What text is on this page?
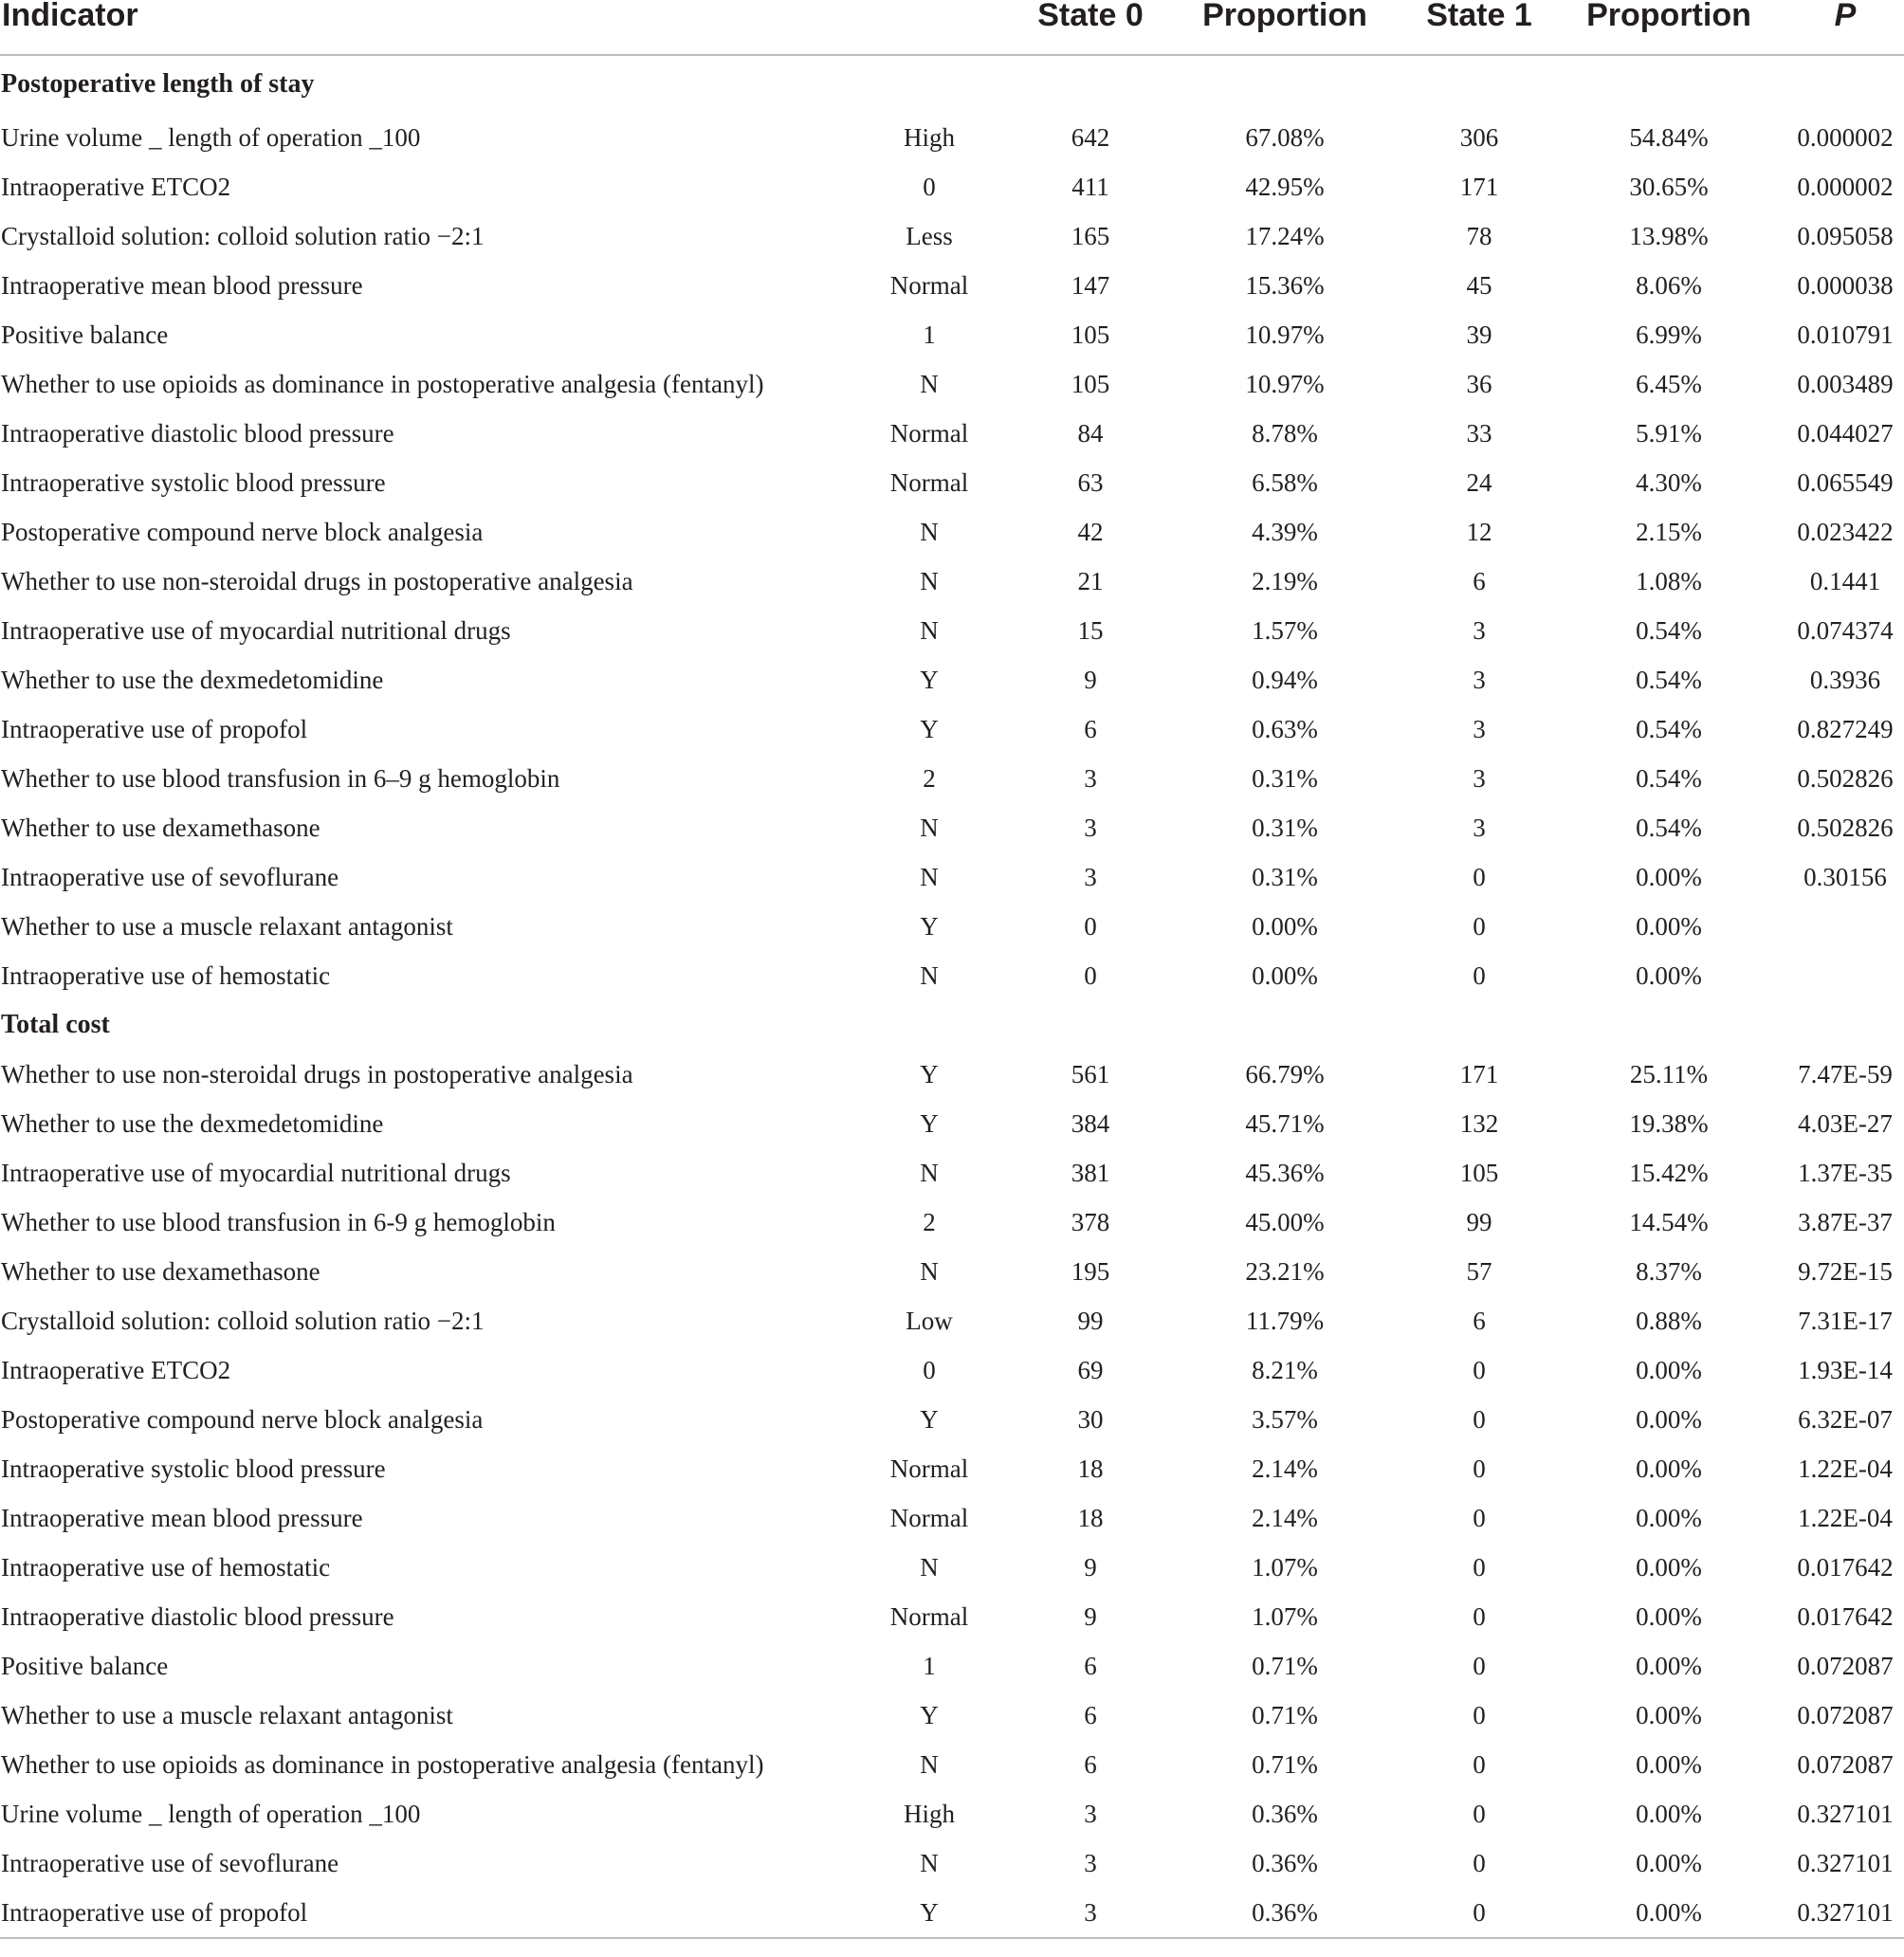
Indicator		State 0	Proportion	State 1	Proportion	P
Postoperative length of stay						
Urine volume _ length of operation _100	High	642	67.08%	306	54.84%	0.000002
Intraoperative ETCO2	0	411	42.95%	171	30.65%	0.000002
Crystalloid solution: colloid solution ratio −2:1	Less	165	17.24%	78	13.98%	0.095058
Intraoperative mean blood pressure	Normal	147	15.36%	45	8.06%	0.000038
Positive balance	1	105	10.97%	39	6.99%	0.010791
Whether to use opioids as dominance in postoperative analgesia (fentanyl)	N	105	10.97%	36	6.45%	0.003489
Intraoperative diastolic blood pressure	Normal	84	8.78%	33	5.91%	0.044027
Intraoperative systolic blood pressure	Normal	63	6.58%	24	4.30%	0.065549
Postoperative compound nerve block analgesia	N	42	4.39%	12	2.15%	0.023422
Whether to use non-steroidal drugs in postoperative analgesia	N	21	2.19%	6	1.08%	0.1441
Intraoperative use of myocardial nutritional drugs	N	15	1.57%	3	0.54%	0.074374
Whether to use the dexmedetomidine	Y	9	0.94%	3	0.54%	0.3936
Intraoperative use of propofol	Y	6	0.63%	3	0.54%	0.827249
Whether to use blood transfusion in 6–9 g hemoglobin	2	3	0.31%	3	0.54%	0.502826
Whether to use dexamethasone	N	3	0.31%	3	0.54%	0.502826
Intraoperative use of sevoflurane	N	3	0.31%	0	0.00%	0.30156
Whether to use a muscle relaxant antagonist	Y	0	0.00%	0	0.00%	
Intraoperative use of hemostatic	N	0	0.00%	0	0.00%	
Total cost						
Whether to use non-steroidal drugs in postoperative analgesia	Y	561	66.79%	171	25.11%	7.47E-59
Whether to use the dexmedetomidine	Y	384	45.71%	132	19.38%	4.03E-27
Intraoperative use of myocardial nutritional drugs	N	381	45.36%	105	15.42%	1.37E-35
Whether to use blood transfusion in 6-9 g hemoglobin	2	378	45.00%	99	14.54%	3.87E-37
Whether to use dexamethasone	N	195	23.21%	57	8.37%	9.72E-15
Crystalloid solution: colloid solution ratio −2:1	Low	99	11.79%	6	0.88%	7.31E-17
Intraoperative ETCO2	0	69	8.21%	0	0.00%	1.93E-14
Postoperative compound nerve block analgesia	Y	30	3.57%	0	0.00%	6.32E-07
Intraoperative systolic blood pressure	Normal	18	2.14%	0	0.00%	1.22E-04
Intraoperative mean blood pressure	Normal	18	2.14%	0	0.00%	1.22E-04
Intraoperative use of hemostatic	N	9	1.07%	0	0.00%	0.017642
Intraoperative diastolic blood pressure	Normal	9	1.07%	0	0.00%	0.017642
Positive balance	1	6	0.71%	0	0.00%	0.072087
Whether to use a muscle relaxant antagonist	Y	6	0.71%	0	0.00%	0.072087
Whether to use opioids as dominance in postoperative analgesia (fentanyl)	N	6	0.71%	0	0.00%	0.072087
Urine volume _ length of operation _100	High	3	0.36%	0	0.00%	0.327101
Intraoperative use of sevoflurane	N	3	0.36%	0	0.00%	0.327101
Intraoperative use of propofol	Y	3	0.36%	0	0.00%	0.327101
